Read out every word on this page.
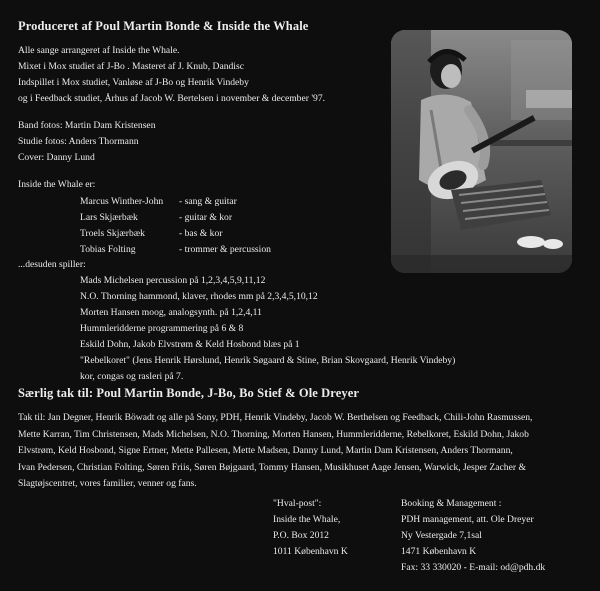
Produceret af Poul Martin Bonde & Inside the Whale
Alle sange arrangeret af Inside the Whale.
Mixet i Mox studiet af J-Bo . Masteret af J. Knub, Dandisc
Indspillet i Mox studiet, Vanløse af J-Bo og Henrik Vindeby
og i Feedback studiet, Århus af Jacob W. Bertelsen i november & december '97.
Band fotos: Martin Dam Kristensen
Studie fotos: Anders Thormann
Cover: Danny Lund
Inside the Whale er:
Marcus Winther-John - sang & guitar
Lars Skjærbæk	- guitar & kor
Troels Skjærbæk	- bas & kor
Tobias Folting	- trommer & percussion
...desuden spiller:
Mads Michelsen percussion på 1,2,3,4,5,9,11,12
N.O. Thorning hammond, klaver, rhodes mm på 2,3,4,5,10,12
Morten Hansen moog, analogsynth. på 1,2,4,11
Hummleridderne programmering på 6 & 8
Eskild Dohn, Jakob Elvstrøm & Keld Hosbond blæs på 1
"Rebelkoret" (Jens Henrik Hørslund, Henrik Søgaard & Stine, Brian Skovgaard, Henrik Vindeby)
kor, congas og rasleri på 7.
Særlig tak til: Poul Martin Bonde, J-Bo, Bo Stief & Ole Dreyer
Tak til: Jan Degner, Henrik Böwadt og alle på Sony, PDH, Henrik Vindeby, Jacob W. Berthelsen og Feedback, Chili-John Rasmussen,
Mette Karran, Tim Christensen, Mads Michelsen, N.O. Thorning, Morten Hansen, Hummleridderne, Rebelkoret, Eskild Dohn, Jakob
Elvstrøm, Keld Hosbond, Signe Ertner, Mette Pallesen, Mette Madsen, Danny Lund, Martin Dam Kristensen, Anders Thormann,
Ivan Pedersen, Christian Folting, Søren Friis, Søren Bøjgaard, Tommy Hansen, Musikhuset Aage Jensen, Warwick, Jesper Zacher &
Slagtøjscentret, vores familier, venner og fans.
"Hval-post":
Inside the Whale,
P.O. Box 2012
1011 København K
Booking & Management :
PDH management, att. Ole Dreyer
Ny Vestergade 7,1sal
1471 København K
Fax: 33 330020 - E-mail: od@pdh.dk
